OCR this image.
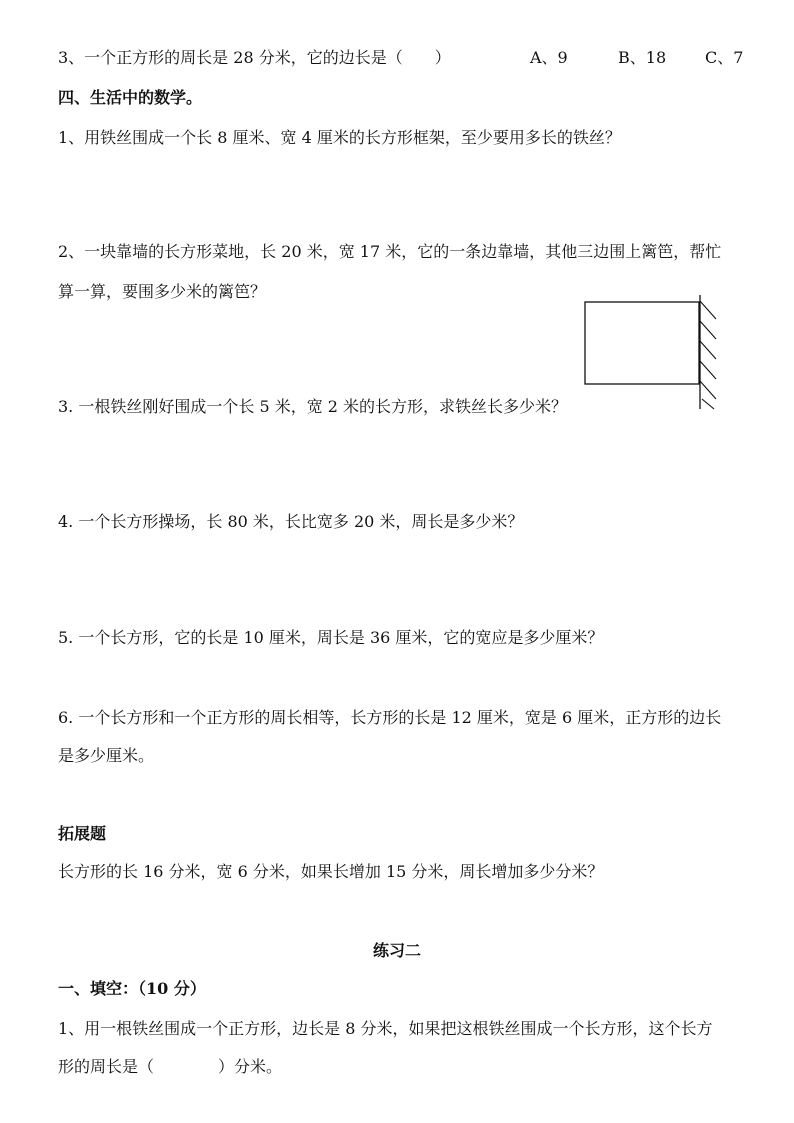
3、一个正方形的周长是 28 分米，它的边长是（　　）	A、9	B、18 C、7
四、生活中的数学。
1、用铁丝围成一个长 8 厘米、宽 4 厘米的长方形框架，至少要用多长的铁丝？
2、一块靠墙的长方形菜地，长 20 米，宽 17 米，它的一条边靠墙，其他三边围上篱笆，帮忙
算一算，要围多少米的篱笆？
3. 一根铁丝刚好围成一个长 5 米，宽 2 米的长方形，求铁丝长多少米？
4. 一个长方形操场，长 80 米，长比宽多 20 米，周长是多少米？
5. 一个长方形，它的长是 10 厘米，周长是 36 厘米，它的宽应是多少厘米？
6. 一个长方形和一个正方形的周长相等，长方形的长是 12 厘米，宽是 6 厘米，正方形的边长
是多少厘米。
拓展题
长方形的长 16 分米，宽 6 分米，如果长增加 15 分米，周长增加多少分米？
练习二
一、填空：（10 分）
1、用一根铁丝围成一个正方形，边长是 8 分米，如果把这根铁丝围成一个长方形，这个长方
形的周长是（　　　　）分米。
